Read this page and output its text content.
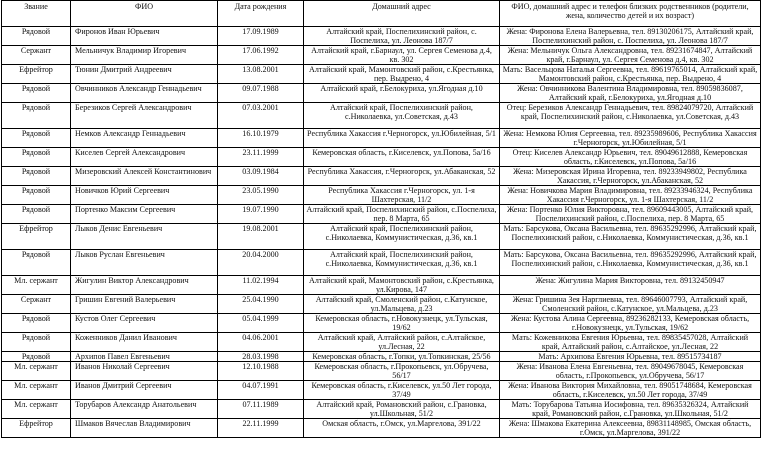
Звание	ФИО	Дата рождения	Домашний адрес	ФИО, домашний адрес и телефон близких родственников (родители, жена, количество детей и их возраст)
Рядовой	Фиронов Иван Юрьевич	17.09.1989	Алтайский край, Поспелихинский район, с. Поспелиха, ул. Леонова 187/7	Жена: Фиронова Елена Валерьевна, тел. 89130206175, Алтайский край, Поспелихинский район, с. Поспелиха, ул. Леонова 187/7
Сержант	Мельничук Владимир Игоревич	17.06.1992	Алтайский край, г.Барнаул, ул. Сергея Семенова д.4, кв. 302	Жена: Мельничук Ольга Александровна, тел. 89231674847, Алтайский край, г.Барнаул, ул. Сергея Семенова д.4, кв. 302
Ефрейтор	Тюнин Дмитрий Андреевич	13.08.2001	Алтайский край, Мамонтовский район, с.Крестьянка, пер. Выдрено, 4	Мать: Васельцова Наталья Сергеевна, тел. 89619765014, Алтайский край, Мамонтовский район, с.Крестьянка, пер. Выдрено, 4
Рядовой	Овчинников Александр Геннадьевич	09.07.1988	Алтайский край, г.Белокуриха, ул.Ягодная д.10	Жена: Овчинникова Валентина Владимировна, тел. 89059836087, Алтайский край, г.Белокуриха, ул.Ягодная д.10
Рядовой	Березиков Сергей Александрович	07.03.2001	Алтайский край, Поспелихинский район, с.Николаевка, ул.Советская, д.43	Отец: Березиков Александр Геннадьевич, тел. 89824079720, Алтайский край, Поспелихинский район, с.Николаевка, ул.Советская, д.43
Рядовой	Немков Александр Геннадьевич	16.10.1979	Республика Хакассия г.Черногорск, ул.Юбилейная, 5/1	Жена: Немкова Юлия Сергеевна, тел. 89235989606, Республика Хакассия г.Черногорск, ул.Юбилейная, 5/1
Рядовой	Киселев Сергей Александрович	23.11.1999	Кемеровская область, г.Киселевск, ул.Попова, 5а/16	Отец: Киселев Александр Юрьевич, тел. 89049612888, Кемеровская область, г.Киселевск, ул.Попова, 5а/16
Рядовой	Мизеровский Алексей Константинович	03.09.1984	Республика Хакассия, г.Черногорск, ул.Абаканская, 52	Жена: Мизеровская Ирина Игоревна, тел. 89233949802, Республика Хакассия, г.Черногорск, ул.Абаканская, 52
Рядовой	Новичков Юрий Сергеевич	23.05.1990	Республика Хакассия г.Черногорск, ул. 1-я Шахтерская, 11/2	Жена: Новичкова Мария Владимировна, тел. 89233946324, Республика Хакассия г.Черногорск, ул. 1-я Шахтерская, 11/2
Рядовой	Портенко Максим Сергеевич	19.07.1990	Алтайский край, Поспелихинский район, с.Поспелиха, пер. 8 Марта, 65	Жена: Портенко Юлия Викторовна, тел. 89609443005, Алтайский край, Поспелихинский район, с.Поспелиха, пер. 8 Марта, 65
Ефрейтор	Лыков Денис Евгеньевич	19.08.2001	Алтайский край, Поспелихинский район, с.Николаевка, Коммунистическая, д.36, кв.1	Мать: Барсукова, Оксана Васильевна, тел. 89635292996, Алтайский край, Поспелихинский район, с.Николаевка, Коммунистическая, д.36, кв.1
Рядовой	Лыков Руслан Евгеньевич	20.04.2000	Алтайский край, Поспелихинский район, с.Николаевка, Коммунистическая, д.36, кв.1	Мать: Барсукова, Оксана Васильевна, тел. 89635292996, Алтайский край, Поспелихинский район, с.Николаевка, Коммунистическая, д.36, кв.1
Мл. сержант	Жигулин Виктор Александрович	11.02.1994	Алтайский край, Мамонтовский район, с.Крестьянка, ул.Кирова, 147	Жена: Жигулина Мария Викторовна, тел. 89132450947
Сержант	Гришин Евгений Валерьевич	25.04.1990	Алтайский край, Смоленский район, с.Катунское, ул.Мальцева, д.23	Жена: Гришина Зея Нарглиевна, тел. 89646007793, Алтайский край, Смоленский район, с.Катунское, ул.Мальцева, д.23
Рядовой	Кустов Олег Сергеевич	05.04.1999	Кемеровская область, г.Новокузнецк, ул.Тульская, 19/62	Жена: Кустова Алина Сергеевна, 89236282133, Кемеровская область, г.Новокузнецк, ул.Тульская, 19/62
Рядовой	Коженников Данил Иванович	04.06.2001	Алтайский край, Алтайский район, с.Алтайское, ул.Лесная, 22	Мать: Кожевникова Евгения Юрьевна, тел. 89835457028, Алтайский край, Алтайский район, с.Алтайское, ул.Лесная, 22
Рядовой	Архипов Павел Евгеньевич	28.03.1998	Кемеровская область, г.Топки, ул.Топкинская, 25/56	Мать: Архипова Евгения Юрьевна, тел. 89515734187
Мл. сержант	Иванов Николай Сергеевич	12.10.1988	Кемеровская область, г.Прокопьевск, ул.Обручева, 56/17	Жена: Иванова Елена Евгеньевна, тел. 89049678045, Кемеровская область, г.Прокопьевск, ул.Обручева, 56/17
Мл. сержант	Иванов Дмитрий Сергеевич	04.07.1991	Кемеровская область, г.Киселевск, ул.50 Лет города, 37/49	Жена: Иванова Виктория Михайловна, тел. 89051748684, Кемеровская область, г.Киселевск, ул.50 Лет города, 37/49
Мл. сержант	Торубаров Александр Анатольевич	07.11.1989	Алтайский край, Романовский район, с.Грановка, ул.Школьная, 51/2	Мать: Торубарова Татьяна Иосифовна, тел. 89635326324, Алтайский край, Романовский район, с.Грановка, ул.Школьная, 51/2
Ефрейтор	Шмаков Вячеслав Владимирович	22.11.1999	Омская область, г.Омск, ул.Маргелова, 391/22	Жена: Шмакова Екатерина Алексеевна, 89831148985, Омская область, г.Омск, ул.Маргелова, 391/22
